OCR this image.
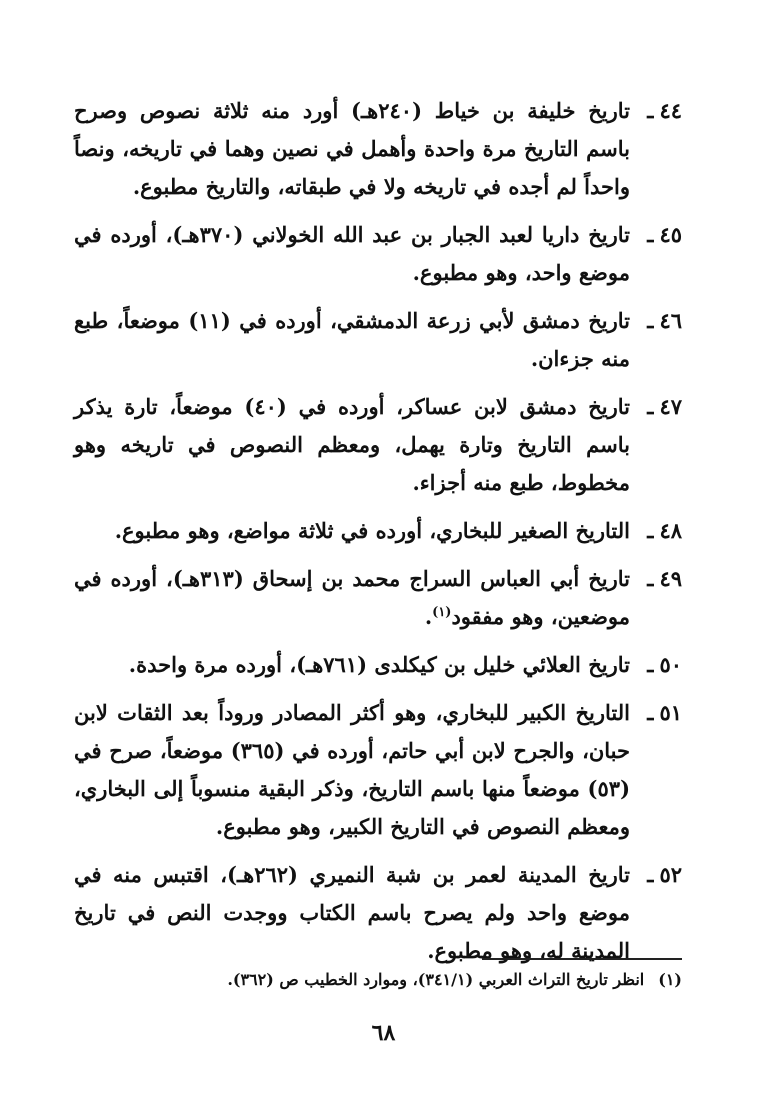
٤٤ـ
تاريخ خليفة بن خياط (٢٤٠هـ) أورد منه ثلاثة نصوص وصرح باسم التاريخ مرة واحدة وأهمل في نصين وهما في تاريخه، ونصاً واحداً لم أجده في تاريخه ولا في طبقاته، والتاريخ مطبوع.
٤٥ـ
تاريخ داريا لعبد الجبار بن عبد الله الخولاني (٣٧٠هـ)، أورده في موضع واحد، وهو مطبوع.
٤٦ـ
تاريخ دمشق لأبي زرعة الدمشقي، أورده في (١١) موضعاً، طبع منه جزءان.
٤٧ـ
تاريخ دمشق لابن عساكر، أورده في (٤٠) موضعاً، تارة يذكر باسم التاريخ وتارة يهمل، ومعظم النصوص في تاريخه وهو مخطوط، طبع منه أجزاء.
٤٨ـ
التاريخ الصغير للبخاري، أورده في ثلاثة مواضع، وهو مطبوع.
٤٩ـ
تاريخ أبي العباس السراج محمد بن إسحاق (٣١٣هـ)، أورده في موضعين، وهو مفقود$^{(١)}$.
٥٠ـ
تاريخ العلائي خليل بن كيكلدى (٧٦١هـ)، أورده مرة واحدة.
٥١ـ
التاريخ الكبير للبخاري، وهو أكثر المصادر وروداً بعد الثقات لابن حبان، والجرح لابن أبي حاتم، أورده في (٣٦٥) موضعاً، صرح في (٥٣) موضعاً منها باسم التاريخ، وذكر البقية منسوباً إلى البخاري، ومعظم النصوص في التاريخ الكبير، وهو مطبوع.
٥٢ـ
تاريخ المدينة لعمر بن شبة النميري (٢٦٢هـ)، اقتبس منه في موضع واحد ولم يصرح باسم الكتاب ووجدت النص في تاريخ المدينة له، وهو مطبوع.
(١)انظر تاريخ التراث العربي (٣٤١/١)، وموارد الخطيب ص (٣٦٢).
٦٨
